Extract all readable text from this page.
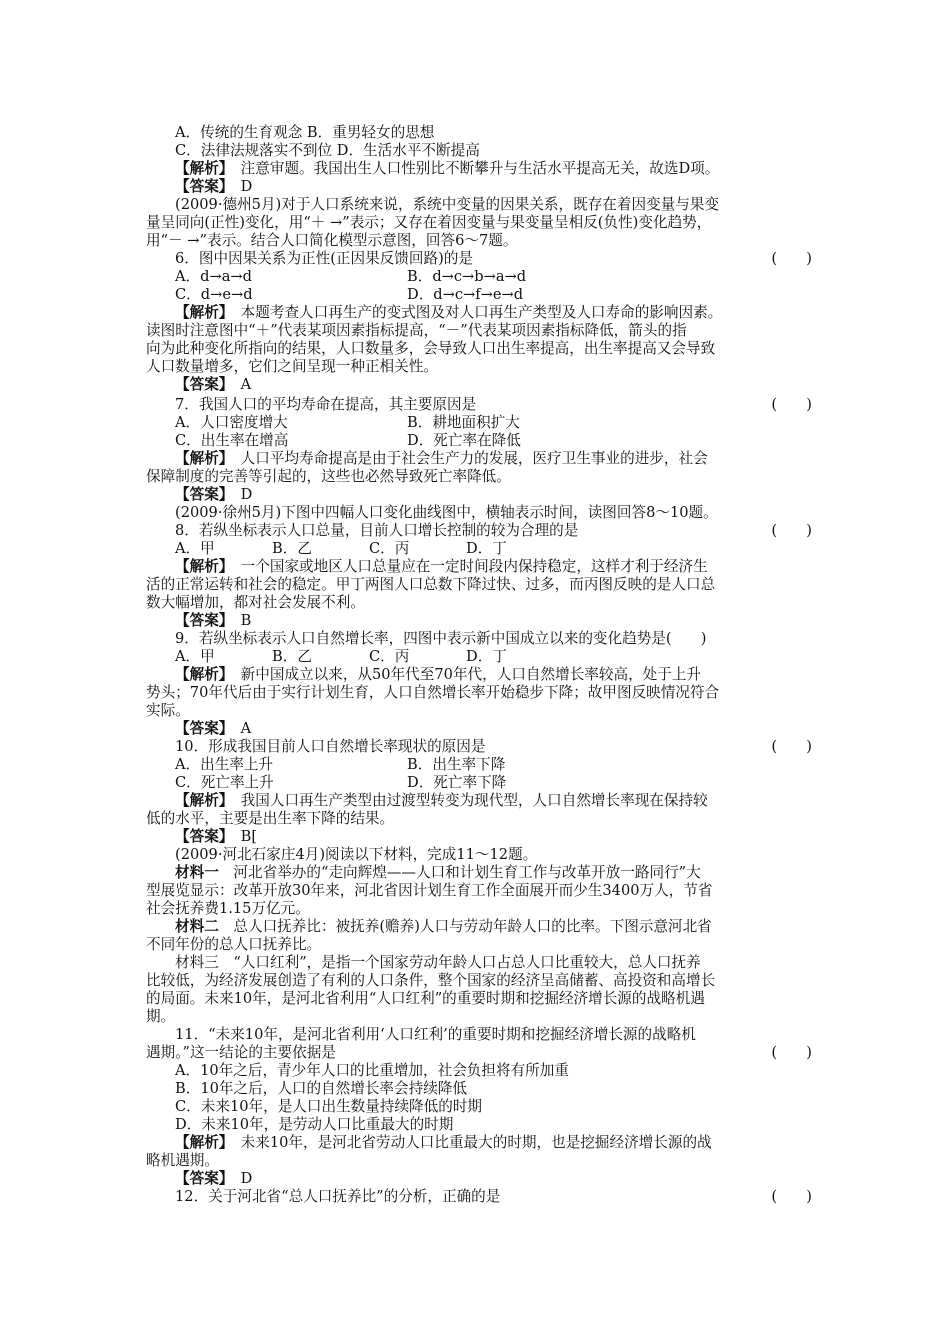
A．传统的生育观念 B．重男轻女的思想
C．法律法规落实不到位 D．生活水平不断提高
【解析】　注意审题。我国出生人口性别比不断攀升与生活水平提高无关，故选D项。
【答案】　D
(2009·德州5月)对于人口系统来说，系统中变量的因果关系，既存在着因变量与果变
量呈同向(正性)变化，用“＋ →”表示；又存在着因变量与果变量呈相反(负性)变化趋势，
用“－ →”表示。结合人口简化模型示意图，回答6～7题。
6．图中因果关系为正性(正因果反馈回路)的是	(　　)
A．d→a→d	B．d→c→b→a→d
C．d→e→d	D．d→c→f→e→d
【解析】　本题考查人口再生产的变式图及对人口再生产类型及人口寿命的影响因素。
读图时注意图中“＋”代表某项因素指标提高，“－”代表某项因素指标降低，箭头的指
向为此种变化所指向的结果，人口数量多，会导致人口出生率提高，出生率提高又会导致
人口数量增多，它们之间呈现一种正相关性。
【答案】　A
7．我国人口的平均寿命在提高，其主要原因是	(　　)
A．人口密度增大	B．耕地面积扩大
C．出生率在增高	D．死亡率在降低
【解析】　人口平均寿命提高是由于社会生产力的发展，医疗卫生事业的进步，社会
保障制度的完善等引起的，这些也必然导致死亡率降低。
【答案】　D
(2009·徐州5月)下图中四幅人口变化曲线图中，横轴表示时间，读图回答8～10题。
8．若纵坐标表示人口总量，目前人口增长控制的较为合理的是	(　　)
A．甲	B．乙	C．丙	D．丁
【解析】　一个国家或地区人口总量应在一定时间段内保持稳定，这样才利于经济生
活的正常运转和社会的稳定。甲丁两图人口总数下降过快、过多，而丙图反映的是人口总
数大幅增加，都对社会发展不利。
【答案】　B
9．若纵坐标表示人口自然增长率，四图中表示新中国成立以来的变化趋势是(　　)
A．甲	B．乙	C．丙	D．丁
【解析】　新中国成立以来，从50年代至70年代，人口自然增长率较高，处于上升
势头；70年代后由于实行计划生育，人口自然增长率开始稳步下降；故甲图反映情况符合
实际。
【答案】　A
10．形成我国目前人口自然增长率现状的原因是	(　　)
A．出生率上升	B．出生率下降
C．死亡率上升	D．死亡率下降
【解析】　我国人口再生产类型由过渡型转变为现代型，人口自然增长率现在保持较
低的水平，主要是出生率下降的结果。
【答案】　B[
(2009·河北石家庄4月)阅读以下材料，完成11～12题。
材料一　河北省举办的“走向辉煌——人口和计划生育工作与改革开放一路同行”大
型展览显示：改革开放30年来，河北省因计划生育工作全面展开而少生3400万人，节省
社会抚养费1.15万亿元。
材料二　总人口抚养比：被抚养(赡养)人口与劳动年龄人口的比率。下图示意河北省
不同年份的总人口抚养比。
材料三　“人口红利”，是指一个国家劳动年龄人口占总人口比重较大，总人口抚养
比较低，为经济发展创造了有利的人口条件，整个国家的经济呈高储蓄、高投资和高增长
的局面。未来10年，是河北省利用“人口红利”的重要时期和挖掘经济增长源的战略机遇
期。
11．“未来10年，是河北省利用‘人口红利’的重要时期和挖掘经济增长源的战略机
遇期。”这一结论的主要依据是	(　　)
A．10年之后，青少年人口的比重增加，社会负担将有所加重
B．10年之后，人口的自然增长率会持续降低
C．未来10年，是人口出生数量持续降低的时期
D．未来10年，是劳动人口比重最大的时期
【解析】　未来10年，是河北省劳动人口比重最大的时期，也是挖掘经济增长源的战
略机遇期。
【答案】　D
12．关于河北省“总人口抚养比”的分析，正确的是	(　　)
